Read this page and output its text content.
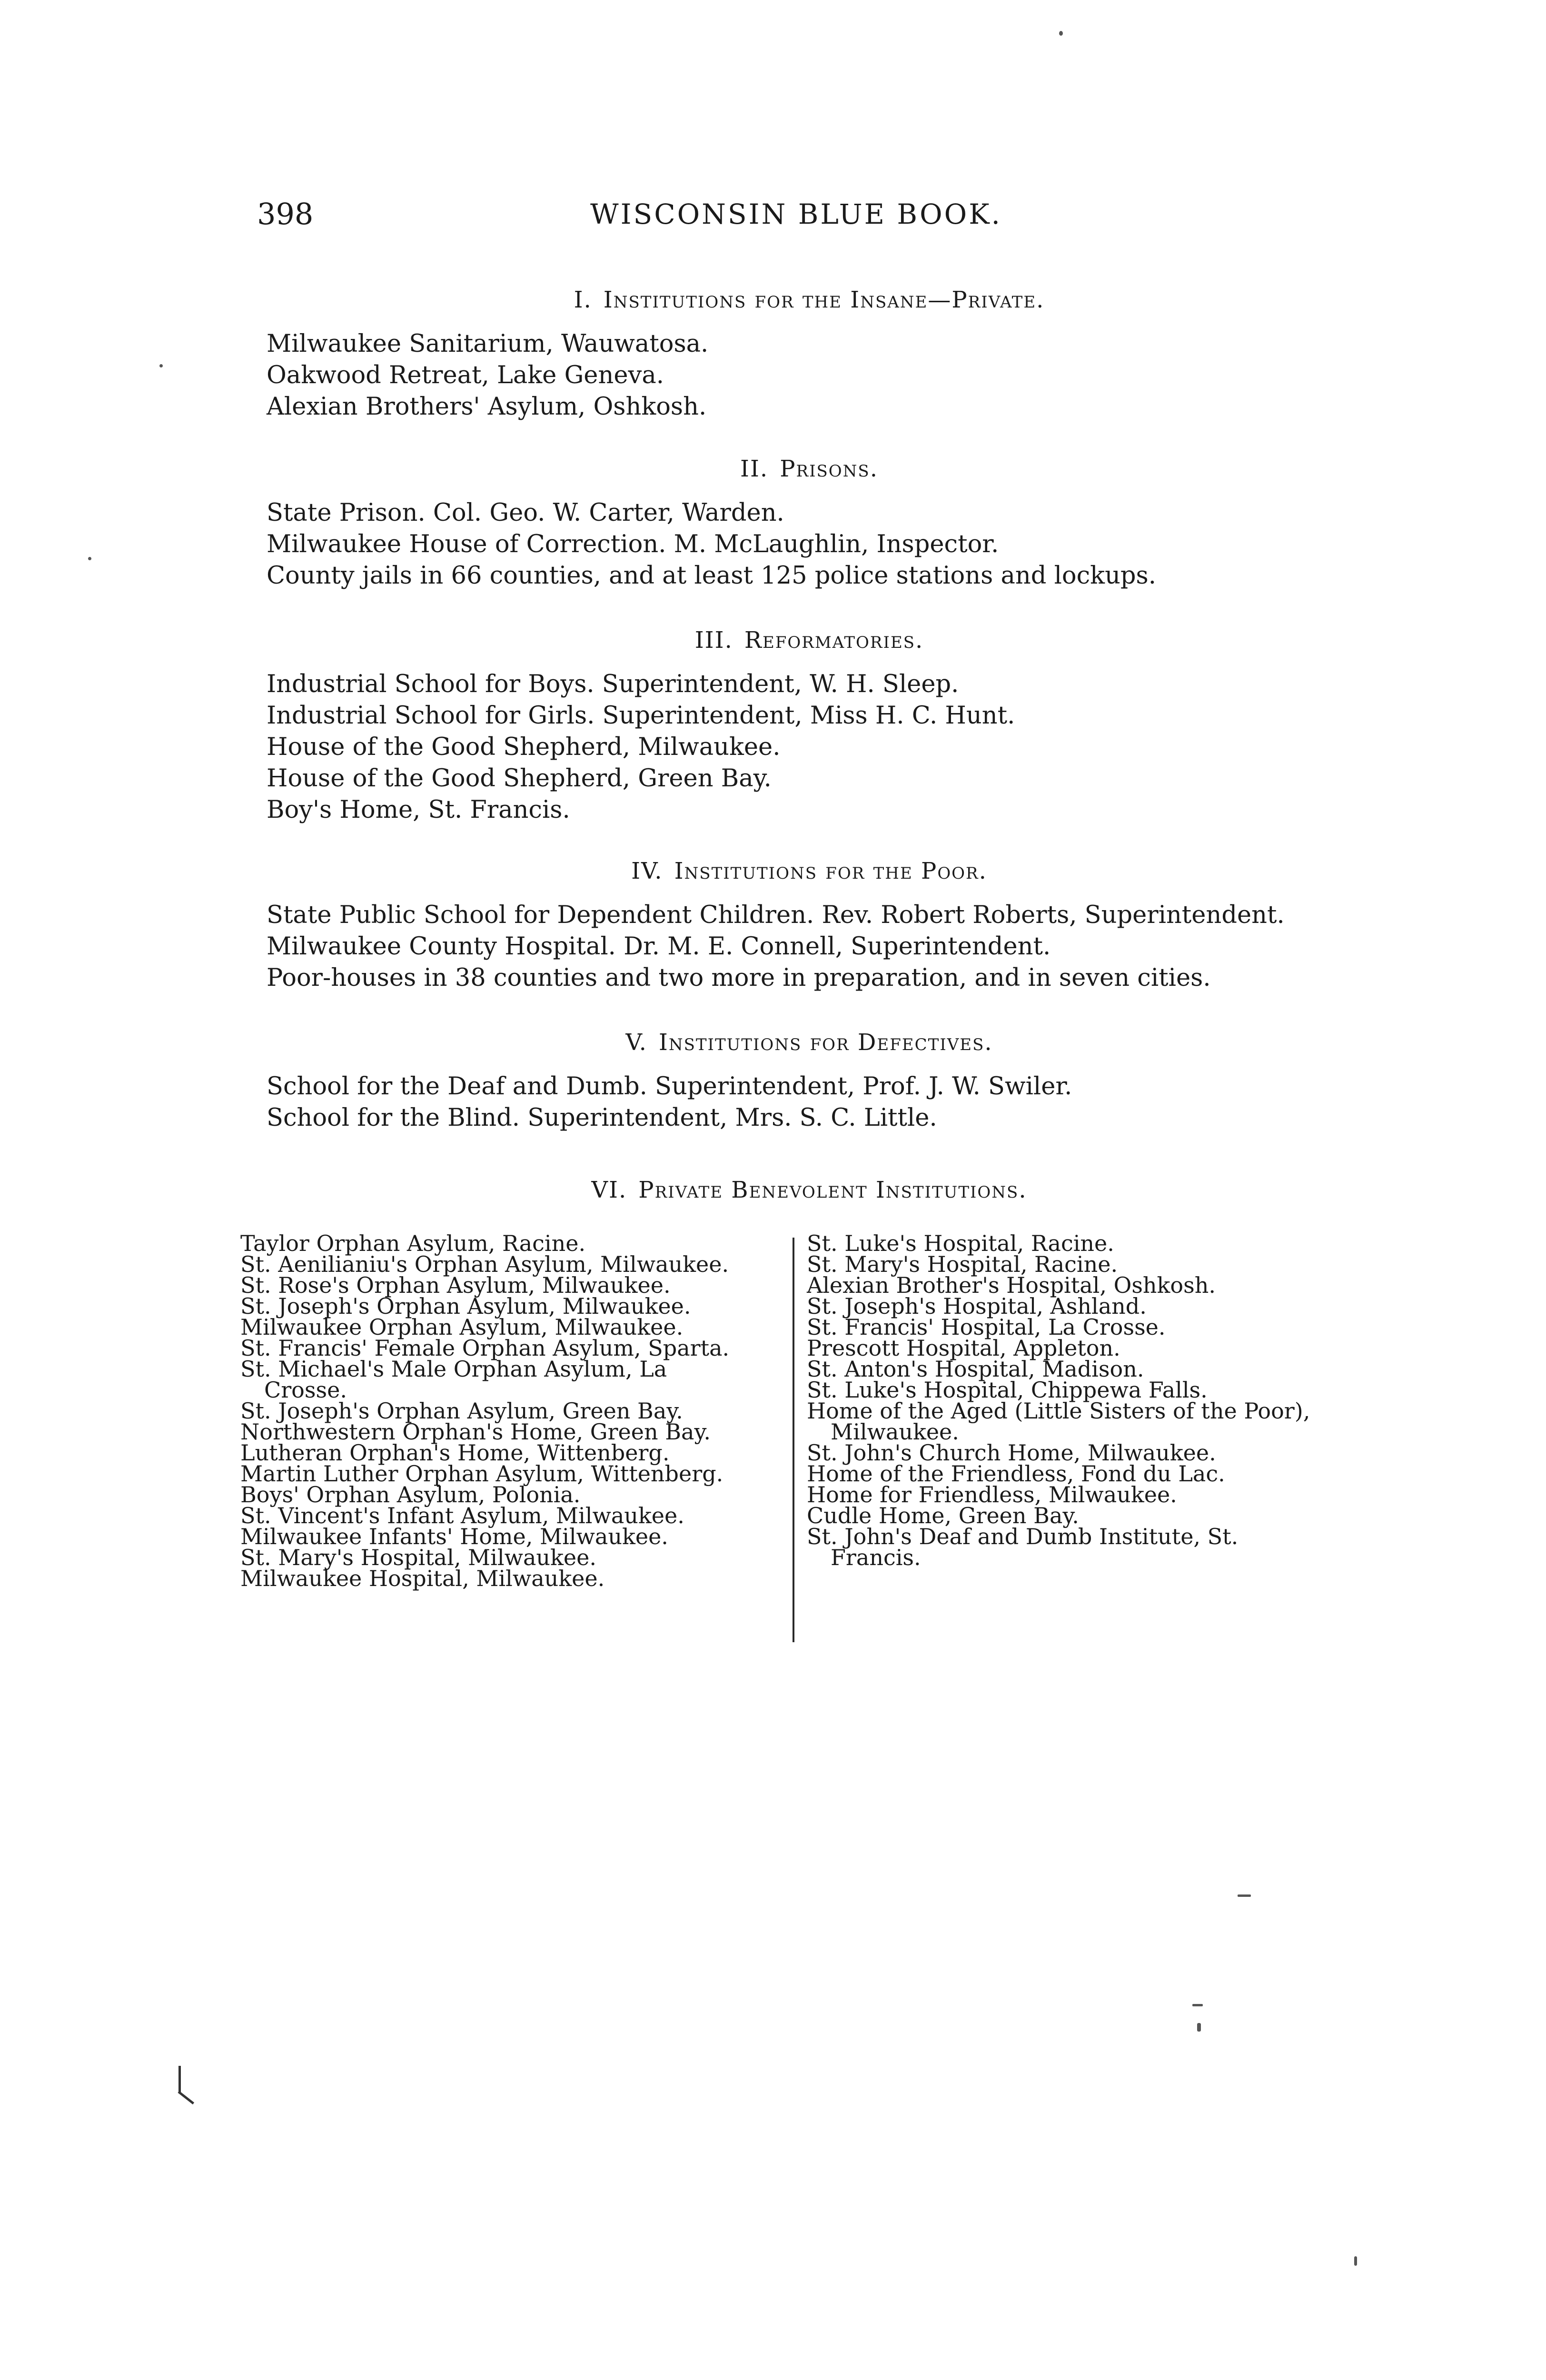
398	WISCONSIN BLUE BOOK.
I. Institutions for the Insane—Private.
Milwaukee Sanitarium, Wauwatosa.
Oakwood Retreat, Lake Geneva.
Alexian Brothers' Asylum, Oshkosh.
II. Prisons.
State Prison. Col. Geo. W. Carter, Warden.
Milwaukee House of Correction. M. McLaughlin, Inspector.
County jails in 66 counties, and at least 125 police stations and lockups.
III. Reformatories.
Industrial School for Boys. Superintendent, W. H. Sleep.
Industrial School for Girls. Superintendent, Miss H. C. Hunt.
House of the Good Shepherd, Milwaukee.
House of the Good Shepherd, Green Bay.
Boy's Home, St. Francis.
IV. Institutions for the Poor.
State Public School for Dependent Children. Rev. Robert Roberts, Superintendent.
Milwaukee County Hospital. Dr. M. E. Connell, Superintendent.
Poor-houses in 38 counties and two more in preparation, and in seven cities.
V. Institutions for Defectives.
School for the Deaf and Dumb. Superintendent, Prof. J. W. Swiler.
School for the Blind. Superintendent, Mrs. S. C. Little.
VI. Private Benevolent Institutions.
Taylor Orphan Asylum, Racine.
St. Aenilianiu's Orphan Asylum, Milwaukee.
St. Rose's Orphan Asylum, Milwaukee.
St. Joseph's Orphan Asylum, Milwaukee.
Milwaukee Orphan Asylum, Milwaukee.
St. Francis' Female Orphan Asylum, Sparta.
St. Michael's Male Orphan Asylum, La
Crosse.
St. Joseph's Orphan Asylum, Green Bay.
Northwestern Orphan's Home, Green Bay.
Lutheran Orphan's Home, Wittenberg.
Martin Luther Orphan Asylum, Wittenberg.
Boys' Orphan Asylum, Polonia.
St. Vincent's Infant Asylum, Milwaukee.
Milwaukee Infants' Home, Milwaukee.
St. Mary's Hospital, Milwaukee.
Milwaukee Hospital, Milwaukee.
St. Luke's Hospital, Racine.
St. Mary's Hospital, Racine.
Alexian Brother's Hospital, Oshkosh.
St. Joseph's Hospital, Ashland.
St. Francis' Hospital, La Crosse.
Prescott Hospital, Appleton.
St. Anton's Hospital, Madison.
St. Luke's Hospital, Chippewa Falls.
Home of the Aged (Little Sisters of the Poor),
Milwaukee.
St. John's Church Home, Milwaukee.
Home of the Friendless, Fond du Lac.
Home for Friendless, Milwaukee.
Cudle Home, Green Bay.
St. John's Deaf and Dumb Institute, St.
Francis.
